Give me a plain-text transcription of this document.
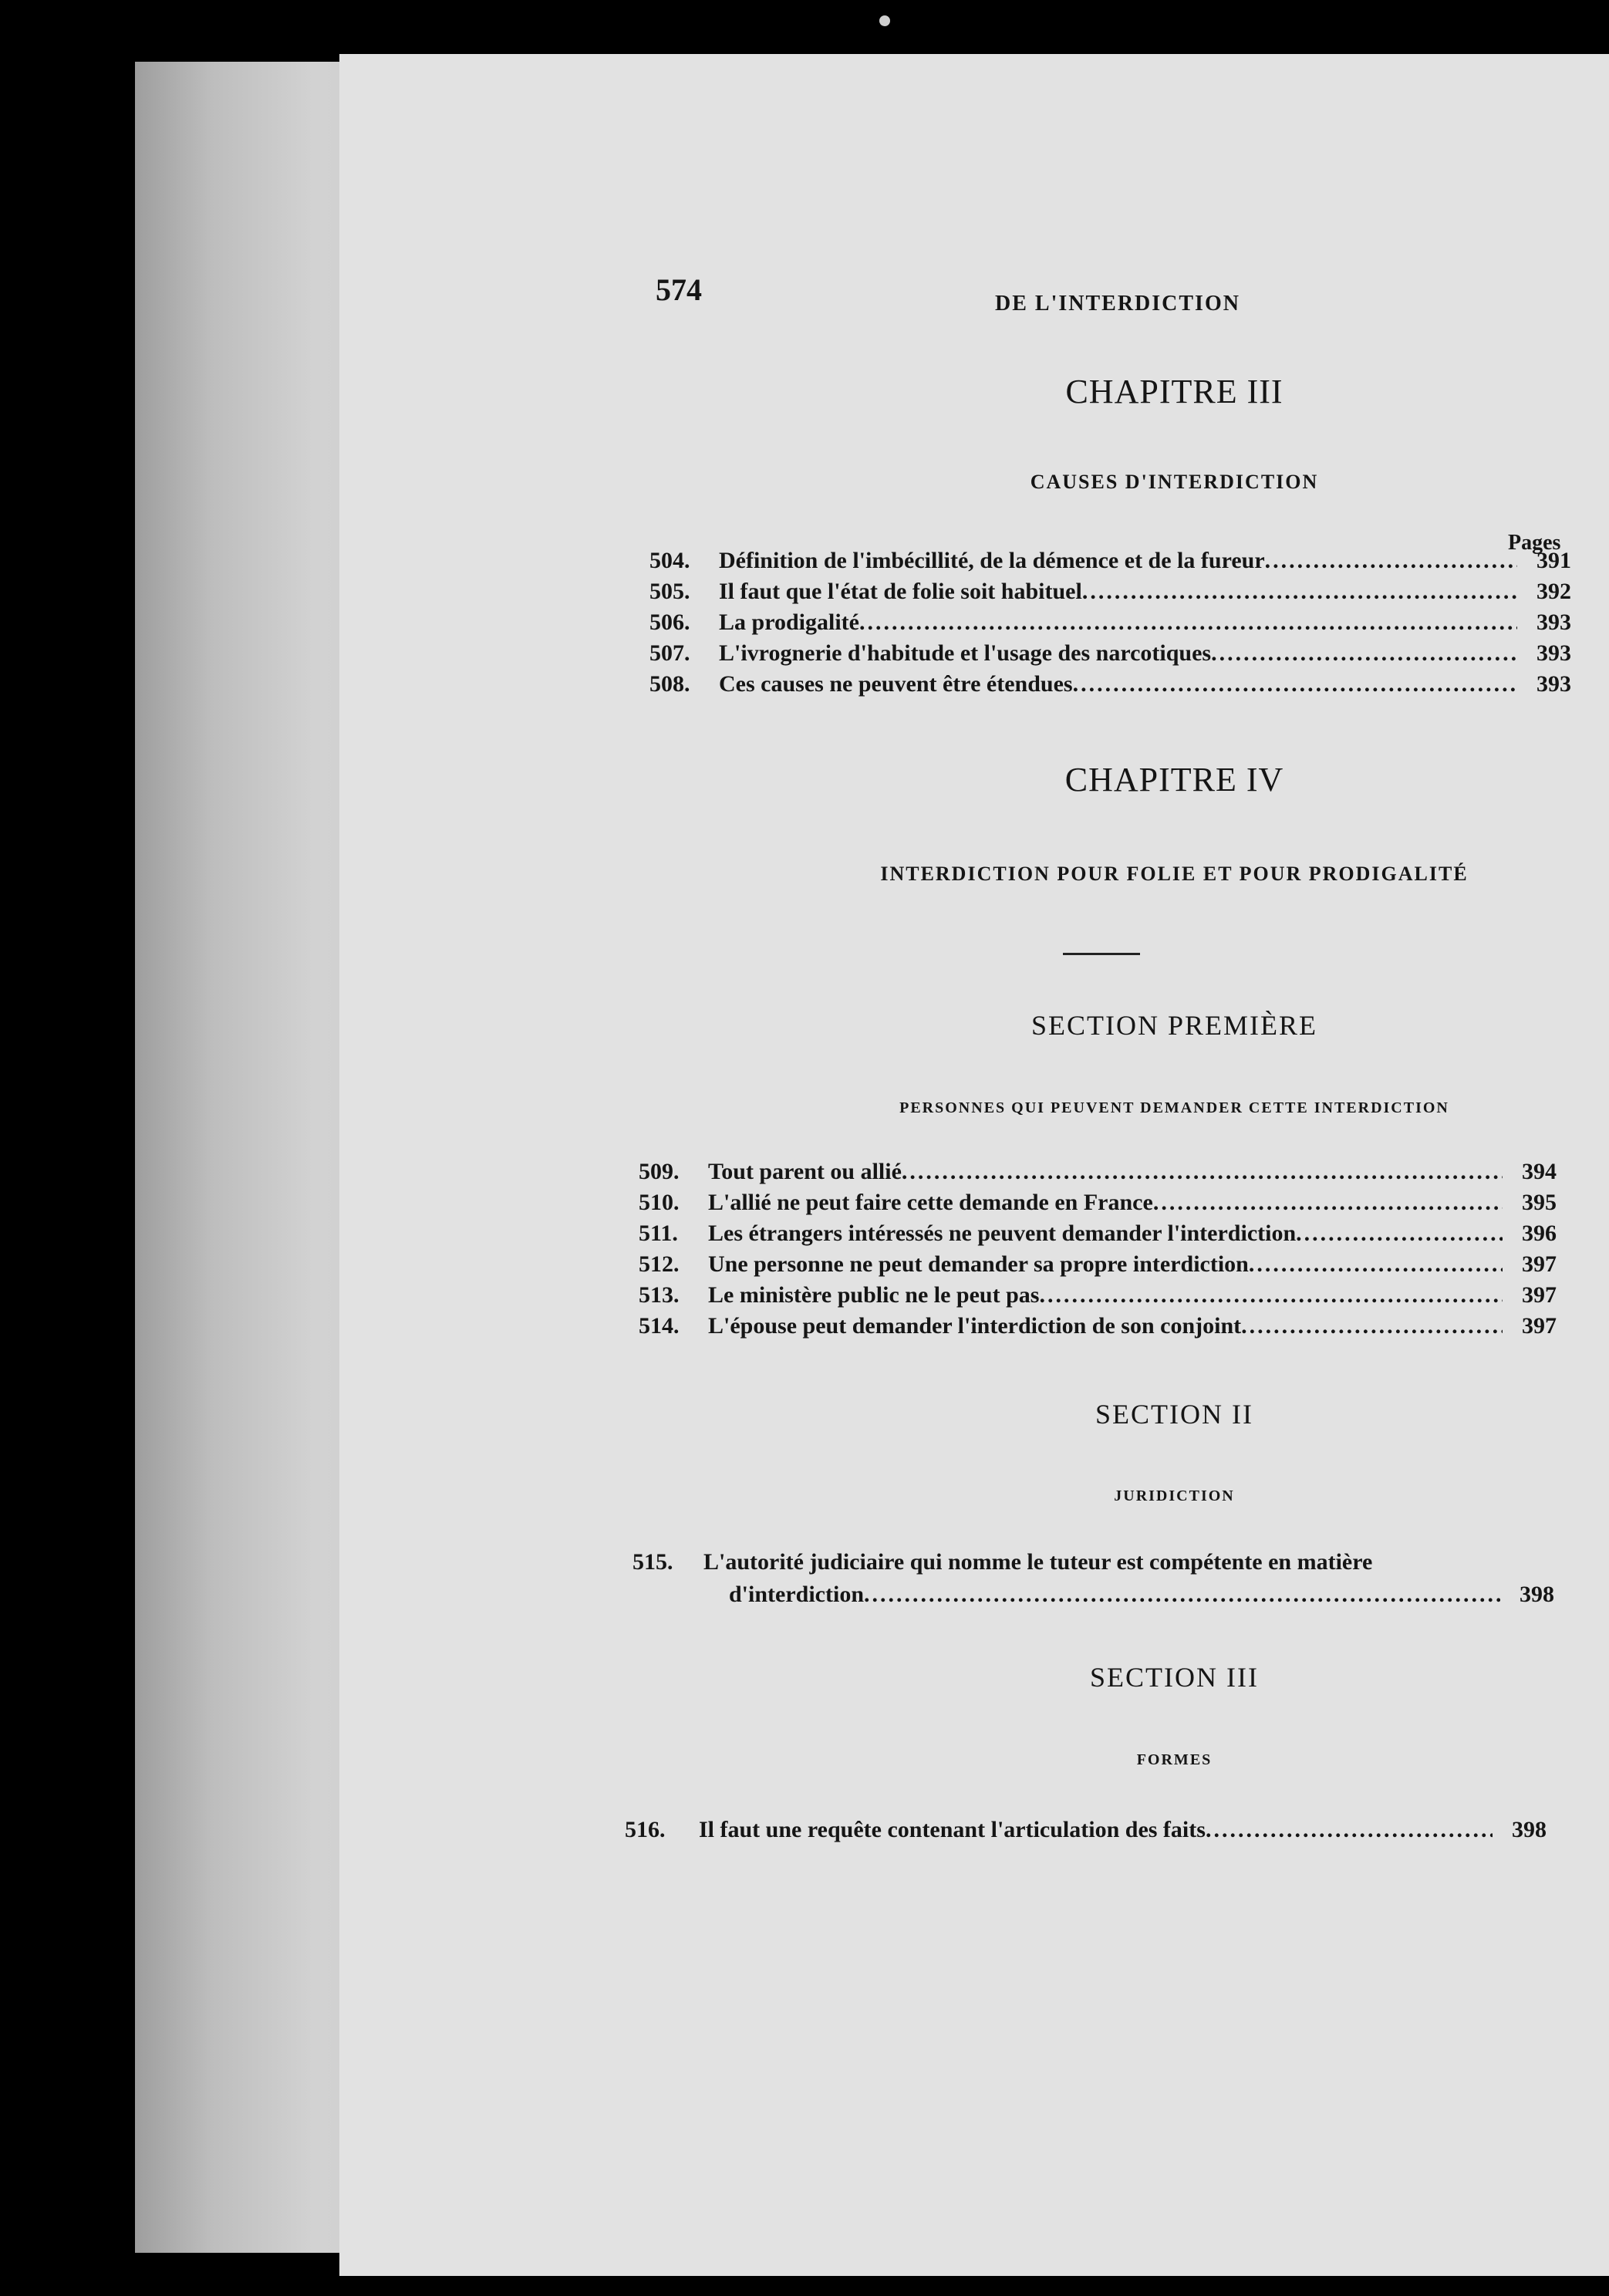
574	DE L'INTERDICTION
CHAPITRE III
CAUSES D'INTERDICTION
Pages
504.	Définition de l'imbécillité, de la démence et de la fureur .....	391
505.	Il faut que l'état de folie soit habituel .....	392
506.	La prodigalité .....	393
507.	L'ivrognerie d'habitude et l'usage des narcotiques .....	393
508.	Ces causes ne peuvent être étendues .....	393
CHAPITRE IV
INTERDICTION POUR FOLIE ET POUR PRODIGALITÉ
SECTION PREMIÈRE
PERSONNES QUI PEUVENT DEMANDER CETTE INTERDICTION
509.	Tout parent ou allié .....	394
510.	L'allié ne peut faire cette demande en France .....	395
511.	Les étrangers intéressés ne peuvent demander l'interdiction .....	396
512.	Une personne ne peut demander sa propre interdiction .....	397
513.	Le ministère public ne le peut pas .....	397
514.	L'épouse peut demander l'interdiction de son conjoint .....	397
SECTION II
JURIDICTION
515.	L'autorité judiciaire qui nomme le tuteur est compétente en matière
d'interdiction .....	398
SECTION III
FORMES
516.	Il faut une requête contenant l'articulation des faits .....	398
